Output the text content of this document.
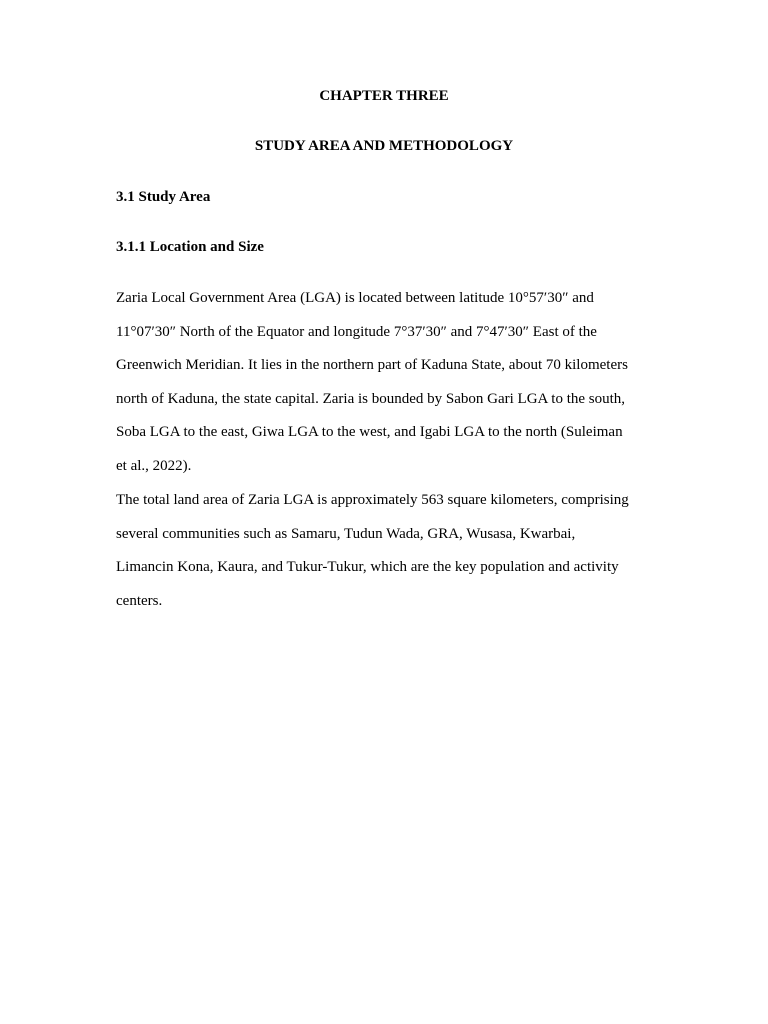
CHAPTER THREE
STUDY AREA AND METHODOLOGY
3.1 Study Area
3.1.1 Location and Size

Zaria Local Government Area (LGA) is located between latitude 10°57′30″ and
11°07′30″ North of the Equator and longitude 7°37′30″ and 7°47′30″ East of the
Greenwich Meridian. It lies in the northern part of Kaduna State, about 70 kilometers
north of Kaduna, the state capital. Zaria is bounded by Sabon Gari LGA to the south,
Soba LGA to the east, Giwa LGA to the west, and Igabi LGA to the north (Suleiman
et al., 2022).

The total land area of Zaria LGA is approximately 563 square kilometers, comprising
several communities such as Samaru, Tudun Wada, GRA, Wusasa, Kwarbai,
Limancin Kona, Kaura, and Tukur-Tukur, which are the key population and activity
centers.
